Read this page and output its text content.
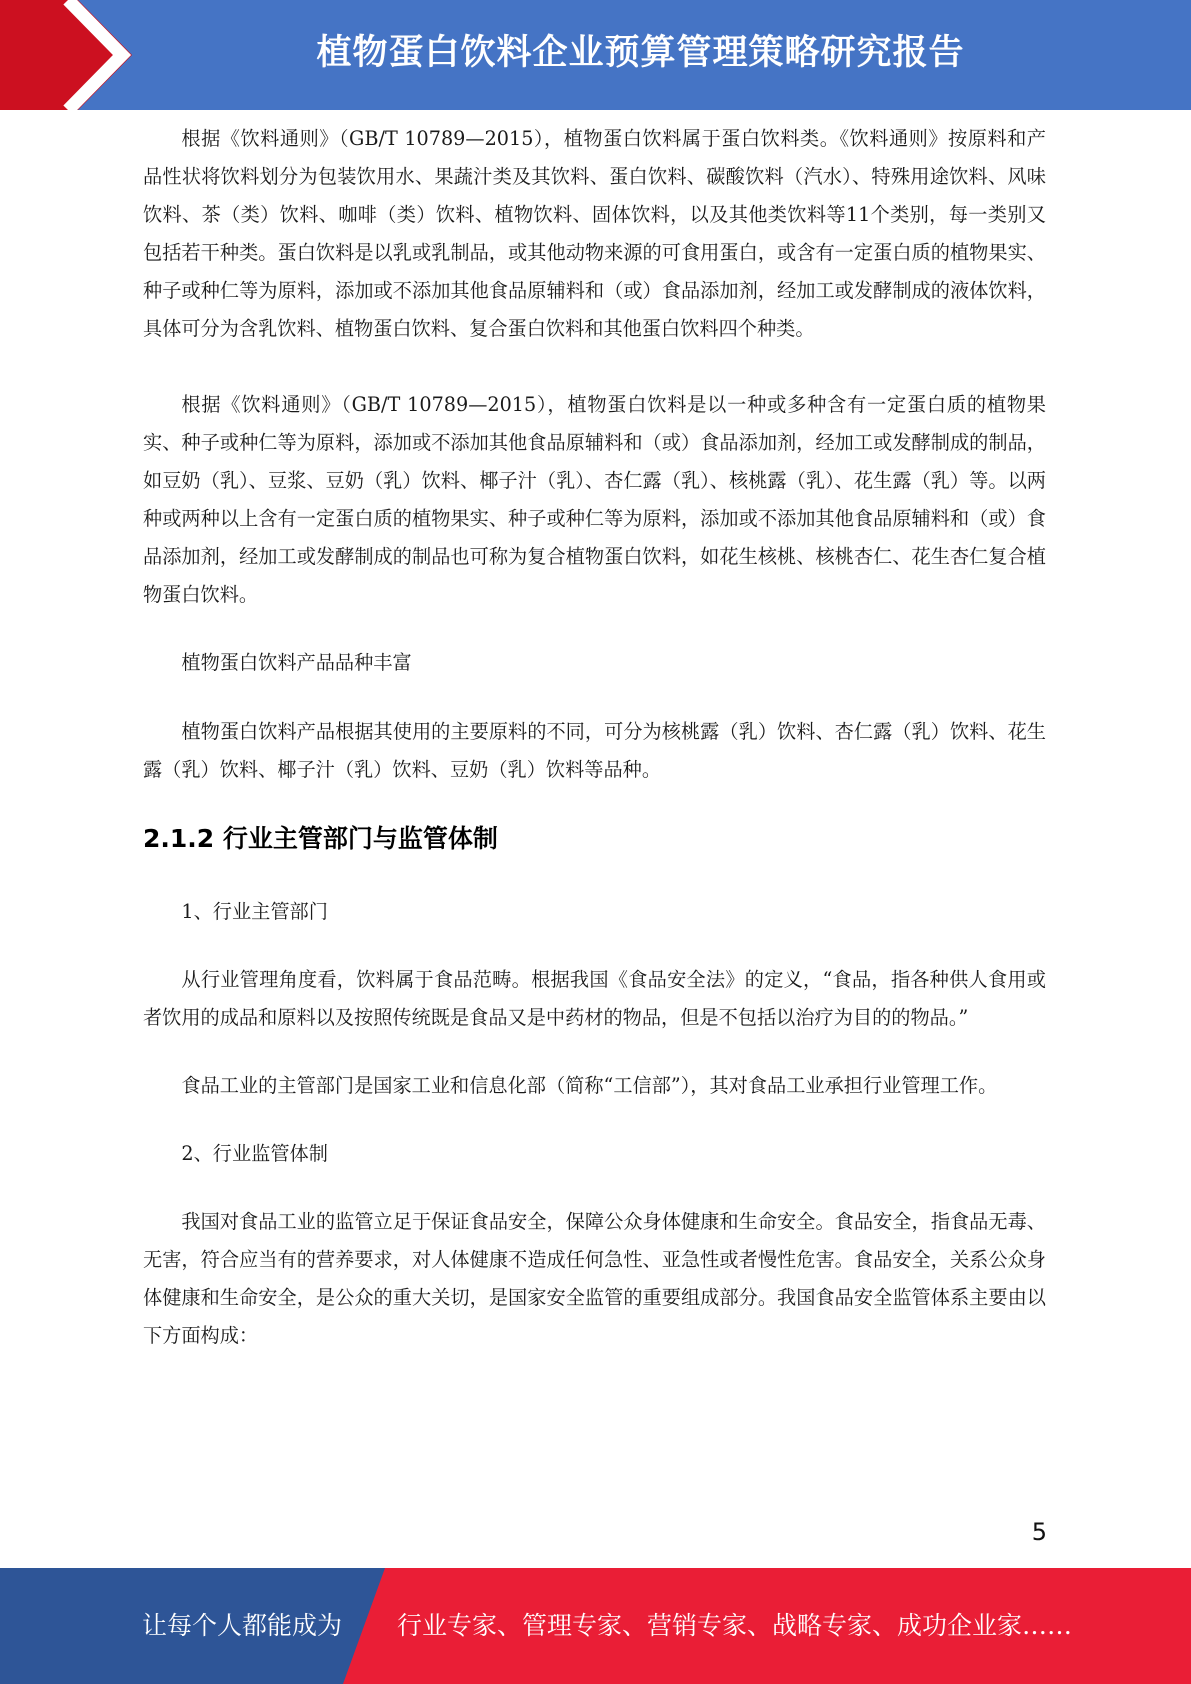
植物蛋白饮料企业预算管理策略研究报告

根据《饮料通则》（GB/T 10789—2015），植物蛋白饮料属于蛋白饮料类。《饮料通则》按原料和产品性状将饮料划分为包装饮用水、果蔬汁类及其饮料、蛋白饮料、碳酸饮料（汽水）、特殊用途饮料、风味饮料、茶（类）饮料、咖啡（类）饮料、植物饮料、固体饮料，以及其他类饮料等11个类别，每一类别又包括若干种类。蛋白饮料是以乳或乳制品，或其他动物来源的可食用蛋白，或含有一定蛋白质的植物果实、种子或种仁等为原料，添加或不添加其他食品原辅料和（或）食品添加剂，经加工或发酵制成的液体饮料，具体可分为含乳饮料、植物蛋白饮料、复合蛋白饮料和其他蛋白饮料四个种类。

根据《饮料通则》（GB/T 10789—2015），植物蛋白饮料是以一种或多种含有一定蛋白质的植物果实、种子或种仁等为原料，添加或不添加其他食品原辅料和（或）食品添加剂，经加工或发酵制成的制品，如豆奶（乳）、豆浆、豆奶（乳）饮料、椰子汁（乳）、杏仁露（乳）、核桃露（乳）、花生露（乳）等。以两种或两种以上含有一定蛋白质的植物果实、种子或种仁等为原料，添加或不添加其他食品原辅料和（或）食品添加剂，经加工或发酵制成的制品也可称为复合植物蛋白饮料，如花生核桃、核桃杏仁、花生杏仁复合植物蛋白饮料。

植物蛋白饮料产品品种丰富

植物蛋白饮料产品根据其使用的主要原料的不同，可分为核桃露（乳）饮料、杏仁露（乳）饮料、花生露（乳）饮料、椰子汁（乳）饮料、豆奶（乳）饮料等品种。

2.1.2 行业主管部门与监管体制

1、行业主管部门

从行业管理角度看，饮料属于食品范畴。根据我国《食品安全法》的定义，“食品，指各种供人食用或者饮用的成品和原料以及按照传统既是食品又是中药材的物品，但是不包括以治疗为目的的物品。”

食品工业的主管部门是国家工业和信息化部（简称“工信部”），其对食品工业承担行业管理工作。

2、行业监管体制

我国对食品工业的监管立足于保证食品安全，保障公众身体健康和生命安全。食品安全，指食品无毒、无害，符合应当有的营养要求，对人体健康不造成任何急性、亚急性或者慢性危害。食品安全，关系公众身体健康和生命安全，是公众的重大关切，是国家安全监管的重要组成部分。我国食品安全监管体系主要由以下方面构成：

5
让每个人都能成为 行业专家、管理专家、营销专家、战略专家、成功企业家……
